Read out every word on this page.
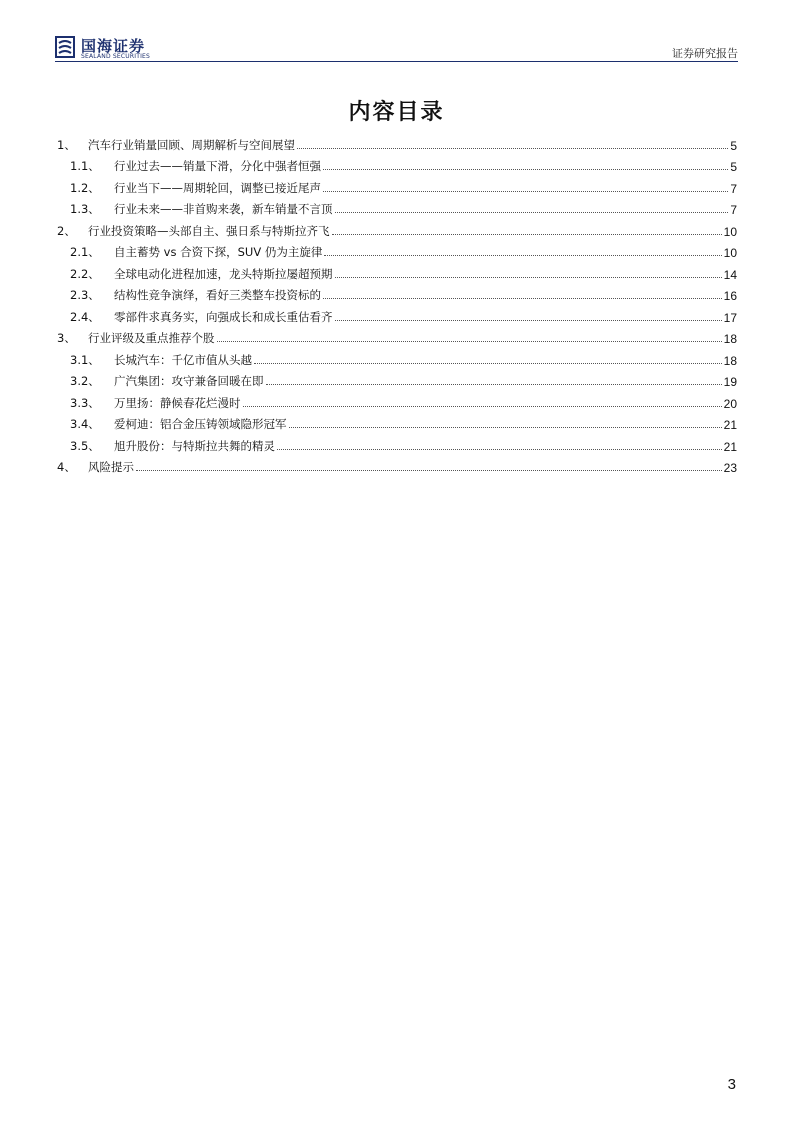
国海证券
SEALAND SECURITIES	证券研究报告
内容目录
1、	汽车行业销量回顾、周期解析与空间展望	5
1.1、	行业过去——销量下滑，分化中强者恒强	5
1.2、	行业当下——周期轮回，调整已接近尾声	7
1.3、	行业未来——非首购来袭，新车销量不言顶	7
2、	行业投资策略—头部自主、强日系与特斯拉齐飞	10
2.1、	自主蓄势 vs 合资下探，SUV 仍为主旋律	10
2.2、	全球电动化进程加速，龙头特斯拉屡超预期	14
2.3、	结构性竞争演绎，看好三类整车投资标的	16
2.4、	零部件求真务实，向强成长和成长重估看齐	17
3、	行业评级及重点推荐个股	18
3.1、	长城汽车：千亿市值从头越	18
3.2、	广汽集团：攻守兼备回暖在即	19
3.3、	万里扬：静候春花烂漫时	20
3.4、	爱柯迪：铝合金压铸领域隐形冠军	21
3.5、	旭升股份：与特斯拉共舞的精灵	21
4、	风险提示	23
3
